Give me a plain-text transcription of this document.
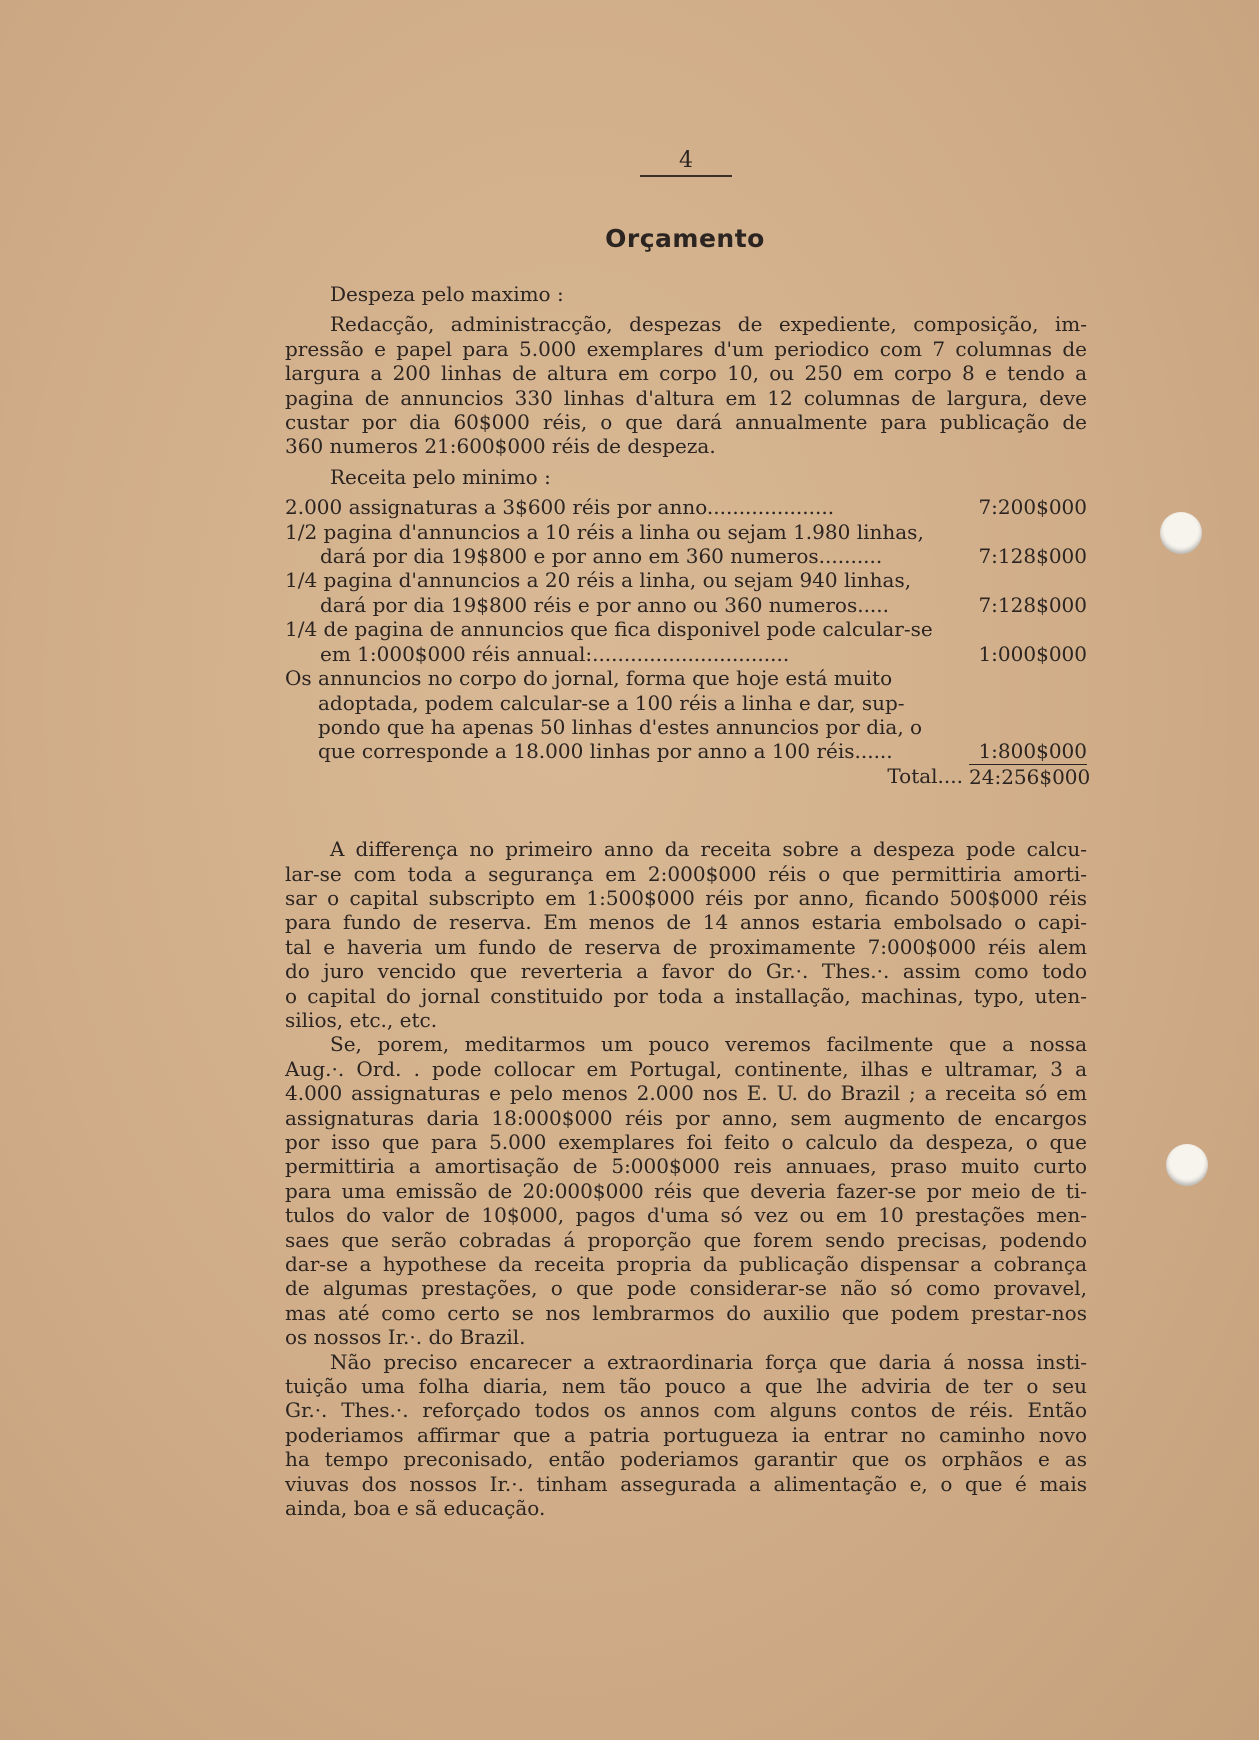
4
Orçamento
Despeza pelo maximo :
Redacção, administracção, despezas de expediente, composição, im-
pressão e papel para 5.000 exemplares d'um periodico com 7 columnas de
largura a 200 linhas de altura em corpo 10, ou 250 em corpo 8 e tendo a
pagina de annuncios 330 linhas d'altura em 12 columnas de largura, deve
custar por dia 60$000 réis, o que dará annualmente para publicação de
360 numeros 21:600$000 réis de despeza.
Receita pelo minimo :
2.000 assignaturas a 3$600 réis por anno....................	7:200$000
1/2 pagina d'annuncios a 10 réis a linha ou sejam 1.980 linhas,
dará por dia 19$800 e por anno em 360 numeros..........	7:128$000
1/4 pagina d'annuncios a 20 réis a linha, ou sejam 940 linhas,
dará por dia 19$800 réis e por anno ou 360 numeros.....	7:128$000
1/4 de pagina de annuncios que fica disponivel pode calcular-se
em 1:000$000 réis annual:...............................	1:000$000
Os annuncios no corpo do jornal, forma que hoje está muito
adoptada, podem calcular-se a 100 réis a linha e dar, sup-
pondo que ha apenas 50 linhas d'estes annuncios por dia, o
que corresponde a 18.000 linhas por anno a 100 réis......	1:800$000
Total.... 24:256$000
A differença no primeiro anno da receita sobre a despeza pode calcu-
lar-se com toda a segurança em 2:000$000 réis o que permittiria amorti-
sar o capital subscripto em 1:500$000 réis por anno, ficando 500$000 réis
para fundo de reserva. Em menos de 14 annos estaria embolsado o capi-
tal e haveria um fundo de reserva de proximamente 7:000$000 réis alem
do juro vencido que reverteria a favor do Gr.·. Thes.·. assim como todo
o capital do jornal constituido por toda a installação, machinas, typo, uten-
silios, etc., etc.
Se, porem, meditarmos um pouco veremos facilmente que a nossa
Aug.·. Ord. . pode collocar em Portugal, continente, ilhas e ultramar, 3 a
4.000 assignaturas e pelo menos 2.000 nos E. U. do Brazil ; a receita só em
assignaturas daria 18:000$000 réis por anno, sem augmento de encargos
por isso que para 5.000 exemplares foi feito o calculo da despeza, o que
permittiria a amortisação de 5:000$000 reis annuaes, praso muito curto
para uma emissão de 20:000$000 réis que deveria fazer-se por meio de ti-
tulos do valor de 10$000, pagos d'uma só vez ou em 10 prestações men-
saes que serão cobradas á proporção que forem sendo precisas, podendo
dar-se a hypothese da receita propria da publicação dispensar a cobrança
de algumas prestações, o que pode considerar-se não só como provavel,
mas até como certo se nos lembrarmos do auxilio que podem prestar-nos
os nossos Ir.·. do Brazil.
Não preciso encarecer a extraordinaria força que daria á nossa insti-
tuição uma folha diaria, nem tão pouco a que lhe adviria de ter o seu
Gr.·. Thes.·. reforçado todos os annos com alguns contos de réis. Então
poderiamos affirmar que a patria portugueza ia entrar no caminho novo
ha tempo preconisado, então poderiamos garantir que os orphãos e as
viuvas dos nossos Ir.·. tinham assegurada a alimentação e, o que é mais
ainda, boa e sã educação.
